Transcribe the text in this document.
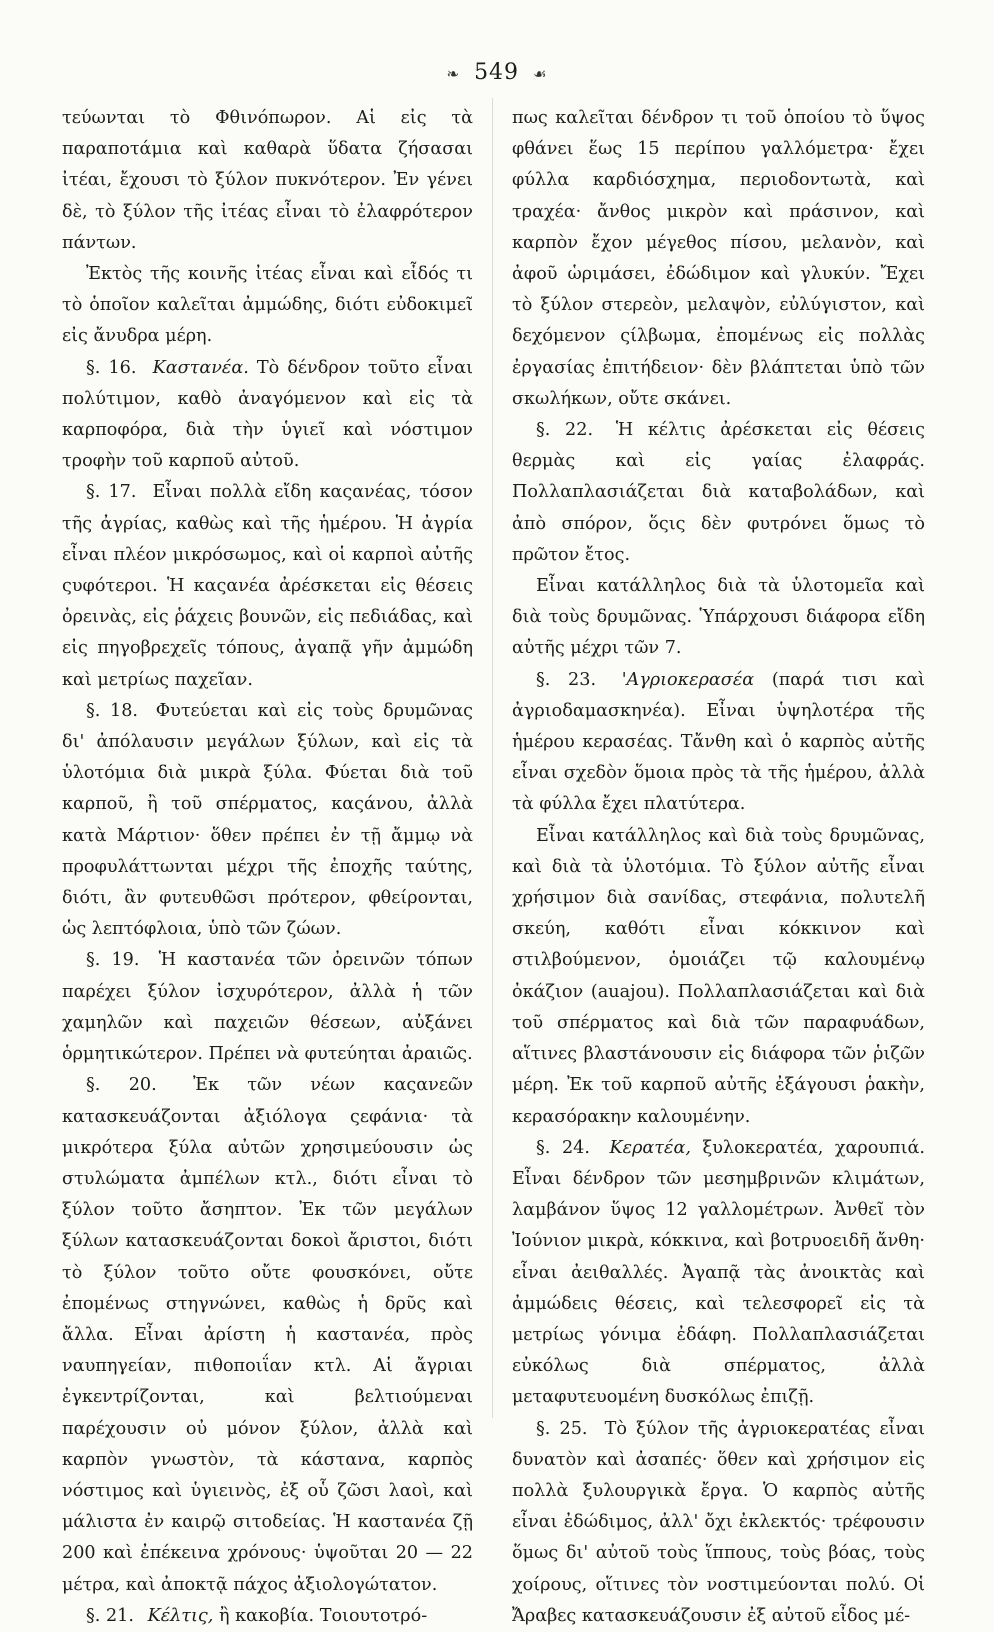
❧ 549 ☙

τεύωνται τὸ Φθινόπωρον. Αἱ εἰς τὰ παραποτάμια καὶ καθαρὰ ὕδατα ζήσασαι ἰτέαι, ἔχουσι τὸ ξύλον πυκνότερον. Ἐν γένει δὲ, τὸ ξύλον τῆς ἰτέας εἶναι τὸ ἐλαφρότερον πάντων.

Ἐκτὸς τῆς κοινῆς ἰτέας εἶναι καὶ εἶδός τι τὸ ὁποῖον καλεῖται ἀμμώδης, διότι εὐδοκιμεῖ εἰς ἄνυδρα μέρη.

§. 16. Καστανέα. Τὸ δένδρον τοῦτο εἶναι πολύτιμον, καθὸ ἀναγόμενον καὶ εἰς τὰ καρποφόρα, διὰ τὴν ὑγιεῖ καὶ νόστιμον τροφὴν τοῦ καρποῦ αὐτοῦ.

§. 17. Εἶναι πολλὰ εἴδη καςανέας, τόσον τῆς ἀγρίας, καθὼς καὶ τῆς ἡμέρου. Ἡ ἀγρία εἶναι πλέον μικρόσωμος, καὶ οἱ καρποὶ αὐτῆς ςυφότεροι. Ἡ καςανέα ἀρέσκεται εἰς θέσεις ὀρεινὰς, εἰς ῥάχεις βουνῶν, εἰς πεδιάδας, καὶ εἰς πηγοβρεχεῖς τόπους, ἀγαπᾷ γῆν ἀμμώδη καὶ μετρίως παχεῖαν.

§. 18. Φυτεύεται καὶ εἰς τοὺς δρυμῶνας δι' ἀπόλαυσιν μεγάλων ξύλων, καὶ εἰς τὰ ὑλοτόμια διὰ μικρὰ ξύλα. Φύεται διὰ τοῦ καρποῦ, ἢ τοῦ σπέρματος, καςάνου, ἀλλὰ κατὰ Μάρτιον· ὅθεν πρέπει ἐν τῇ ἄμμῳ νὰ προφυλάττωνται μέχρι τῆς ἐποχῆς ταύτης, διότι, ἂν φυτευθῶσι πρότερον, φθείρονται, ὡς λεπτόφλοια, ὑπὸ τῶν ζώων.

§. 19. Ἡ καστανέα τῶν ὀρεινῶν τόπων παρέχει ξύλον ἰσχυρότερον, ἀλλὰ ἡ τῶν χαμηλῶν καὶ παχειῶν θέσεων, αὐξάνει ὁρμητικώτερον. Πρέπει νὰ φυτεύηται ἀραιῶς.

§. 20. Ἐκ τῶν νέων καςανεῶν κατασκευάζονται ἀξιόλογα ςεφάνια· τὰ μικρότερα ξύλα αὐτῶν χρησιμεύουσιν ὡς στυλώματα ἀμπέλων κτλ., διότι εἶναι τὸ ξύλον τοῦτο ἄσηπτον. Ἐκ τῶν μεγάλων ξύλων κατασκευάζονται δοκοὶ ἄριστοι, διότι τὸ ξύλον τοῦτο οὔτε φουσκόνει, οὔτε ἐπομένως στηγνώνει, καθὼς ἡ δρῦς καὶ ἄλλα. Εἶναι ἀρίστη ἡ καστανέα, πρὸς ναυπηγείαν, πιθοποιΐαν κτλ. Αἱ ἄγριαι ἐγκεντρίζονται, καὶ βελτιούμεναι παρέχουσιν οὐ μόνον ξύλον, ἀλλὰ καὶ καρπὸν γνωστὸν, τὰ κάστανα, καρπὸς νόστιμος καὶ ὑγιεινὸς, ἐξ οὗ ζῶσι λαοὶ, καὶ μάλιστα ἐν καιρῷ σιτοδείας. Ἡ καστανέα ζῇ 200 καὶ ἐπέκεινα χρόνους· ὑψοῦται 20 — 22 μέτρα, καὶ ἀποκτᾷ πάχος ἀξιολογώτατον.

§. 21. Κέλτις, ἢ κακοβία. Τοιουτοτρό-

πως καλεῖται δένδρον τι τοῦ ὁποίου τὸ ὕψος φθάνει ἕως 15 περίπου γαλλόμετρα· ἔχει φύλλα καρδιόσχημα, περιοδοντωτὰ, καὶ τραχέα· ἄνθος μικρὸν καὶ πράσινον, καὶ καρπὸν ἔχον μέγεθος πίσου, μελανὸν, καὶ ἀφοῦ ὡριμάσει, ἐδώδιμον καὶ γλυκύν. Ἔχει τὸ ξύλον στερεὸν, μελαψὸν, εὐλύγιστον, καὶ δεχόμενον ςίλβωμα, ἐπομένως εἰς πολλὰς ἐργασίας ἐπιτήδειον· δὲν βλάπτεται ὑπὸ τῶν σκωλήκων, οὔτε σκάνει.

§. 22. Ἡ κέλτις ἀρέσκεται εἰς θέσεις θερμὰς καὶ εἰς γαίας ἐλαφράς. Πολλαπλασιάζεται διὰ καταβολάδων, καὶ ἀπὸ σπόρον, ὅςις δὲν φυτρόνει ὅμως τὸ πρῶτον ἔτος.

Εἶναι κατάλληλος διὰ τὰ ὑλοτομεῖα καὶ διὰ τοὺς δρυμῶνας. Ὑπάρχουσι διάφορα εἴδη αὐτῆς μέχρι τῶν 7.

§. 23. 'Αγριοκερασέα (παρά τισι καὶ ἀγριοδαμασκηνέα). Εἶναι ὑψηλοτέρα τῆς ἡμέρου κερασέας. Τἄνθη καὶ ὁ καρπὸς αὐτῆς εἶναι σχεδὸν ὅμοια πρὸς τὰ τῆς ἡμέρου, ἀλλὰ τὰ φύλλα ἔχει πλατύτερα.

Εἶναι κατάλληλος καὶ διὰ τοὺς δρυμῶνας, καὶ διὰ τὰ ὑλοτόμια. Τὸ ξύλον αὐτῆς εἶναι χρήσιμον διὰ σανίδας, στεφάνια, πολυτελῆ σκεύη, καθότι εἶναι κόκκινον καὶ στιλβούμενον, ὁμοιάζει τῷ καλουμένῳ ὀκάζιον (auajou). Πολλαπλασιάζεται καὶ διὰ τοῦ σπέρματος καὶ διὰ τῶν παραφυάδων, αἵτινες βλαστάνουσιν εἰς διάφορα τῶν ῥιζῶν μέρη. Ἐκ τοῦ καρποῦ αὐτῆς ἐξάγουσι ῥακὴν, κερασόρακην καλουμένην.

§. 24. Κερατέα, ξυλοκερατέα, χαρουπιά. Εἶναι δένδρον τῶν μεσημβρινῶν κλιμάτων, λαμβάνον ὕψος 12 γαλλομέτρων. Ἀνθεῖ τὸν Ἰούνιον μικρὰ, κόκκινα, καὶ βοτρυοειδῆ ἄνθη· εἶναι ἀειθαλλές. Ἀγαπᾷ τὰς ἀνοικτὰς καὶ ἀμμώδεις θέσεις, καὶ τελεσφορεῖ εἰς τὰ μετρίως γόνιμα ἐδάφη. Πολλαπλασιάζεται εὐκόλως διὰ σπέρματος, ἀλλὰ μεταφυτευομένη δυσκόλως ἐπιζῇ.

§. 25. Τὸ ξύλον τῆς ἀγριοκερατέας εἶναι δυνατὸν καὶ ἀσαπές· ὅθεν καὶ χρήσιμον εἰς πολλὰ ξυλουργικὰ ἔργα. Ὁ καρπὸς αὐτῆς εἶναι ἐδώδιμος, ἀλλ' ὄχι ἐκλεκτός· τρέφουσιν ὅμως δι' αὐτοῦ τοὺς ἵππους, τοὺς βόας, τοὺς χοίρους, οἵτινες τὸν νοστιμεύονται πολύ. Οἱ Ἄραβες κατασκευάζουσιν ἐξ αὐτοῦ εἶδος μέ-
